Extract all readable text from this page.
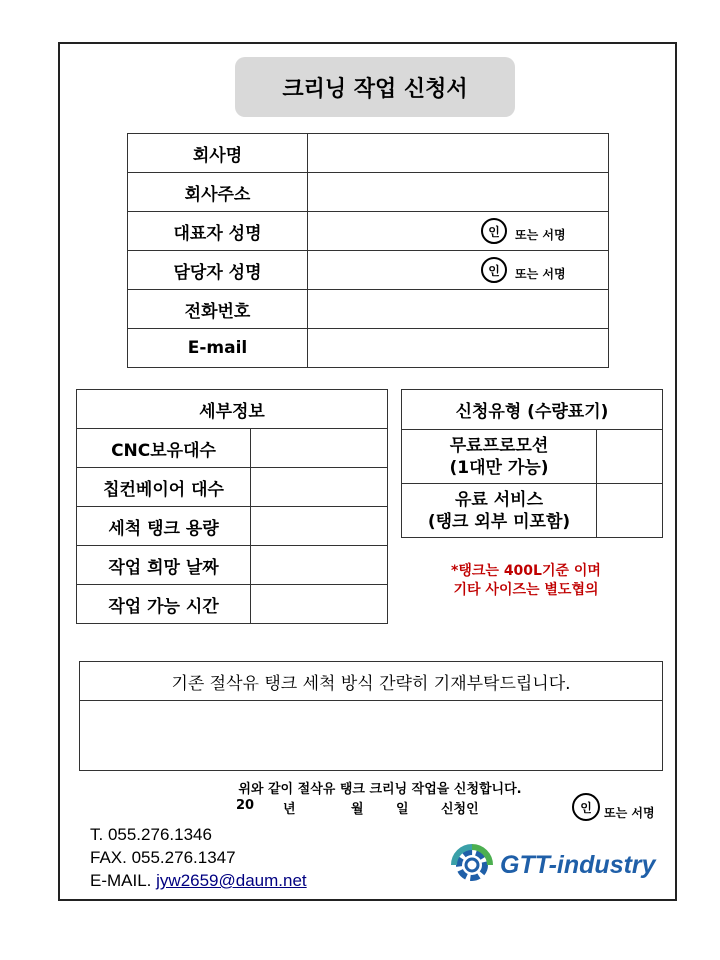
크리닝 작업 신청서
회사명	
회사주소	
대표자 성명	인 또는 서명

담당자 성명	인 또는 서명

전화번호	
E-mail	
세부정보	
CNC보유대수	
칩컨베이어 대수	
세척 탱크 용량	
작업 희망 날짜	
작업 가능 시간	
신청유형 (수량표기)	
무료프로모션
(1대만 가능)	
유료 서비스
(탱크 외부 미포함)	
*탱크는 400L기준 이며
기타 사이즈는 별도협의
기존 절삭유 탱크 세척 방식 간략히 기재부탁드립니다.

위와 같이 절삭유 탱크 크리닝 작업을 신청합니다.
20 년	월 일 신청인	인	또는 서명
T. 055.276.1346
FAX. 055.276.1347
E-MAIL. jyw2659@daum.net
GTT-industry
